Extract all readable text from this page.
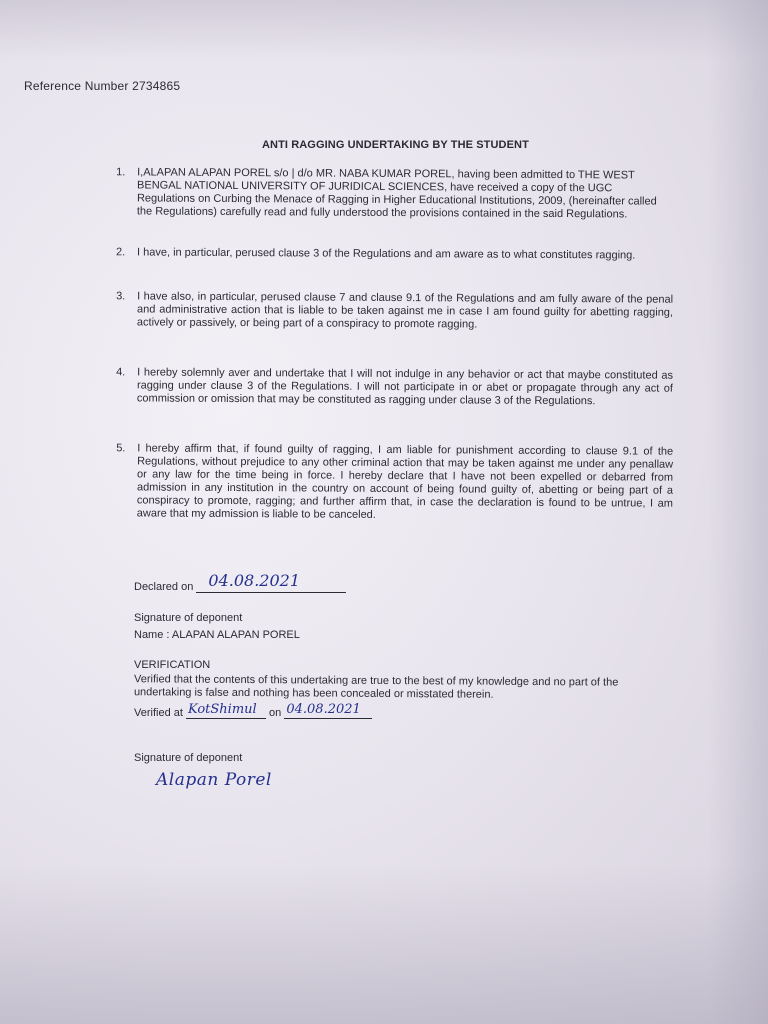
Reference Number 2734865
ANTI RAGGING UNDERTAKING BY THE STUDENT
1.	I,ALAPAN ALAPAN POREL s/o | d/o MR. NABA KUMAR POREL, having been admitted to THE WEST BENGAL NATIONAL UNIVERSITY OF JURIDICAL SCIENCES, have received a copy of the UGC Regulations on Curbing the Menace of Ragging in Higher Educational Institutions, 2009, (hereinafter called the Regulations) carefully read and fully understood the provisions contained in the said Regulations.
2.	I have, in particular, perused clause 3 of the Regulations and am aware as to what constitutes ragging.
3.	I have also, in particular, perused clause 7 and clause 9.1 of the Regulations and am fully aware of the penal and administrative action that is liable to be taken against me in case I am found guilty for abetting ragging, actively or passively, or being part of a conspiracy to promote ragging.
4.	I hereby solemnly aver and undertake that I will not indulge in any behavior or act that maybe constituted as ragging under clause 3 of the Regulations. I will not participate in or abet or propagate through any act of commission or omission that may be constituted as ragging under clause 3 of the Regulations.
5.	I hereby affirm that, if found guilty of ragging, I am liable for punishment according to clause 9.1 of the Regulations, without prejudice to any other criminal action that may be taken against me under any penallaw or any law for the time being in force. I hereby declare that I have not been expelled or debarred from admission in any institution in the country on account of being found guilty of, abetting or being part of a conspiracy to promote, ragging; and further affirm that, in case the declaration is found to be untrue, I am aware that my admission is liable to be canceled.
Declared on 04.08.2021
Signature of deponent
Name : ALAPAN ALAPAN POREL
VERIFICATION
Verified that the contents of this undertaking are true to the best of my knowledge and no part of the undertaking is false and nothing has been concealed or misstated therein.
Verified at KotShimul on 04.08.2021
Signature of deponent
Alapan Porel
